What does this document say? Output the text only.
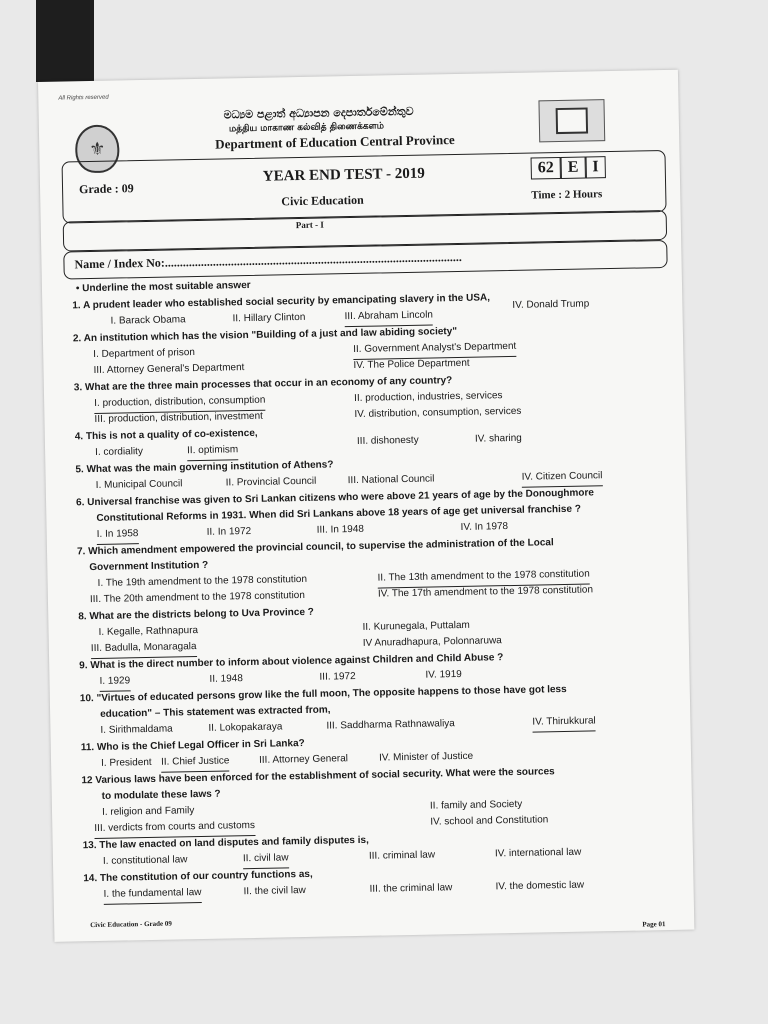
All Rights reserved
⚜
මධ්‍යම පළාත් අධ්‍යාපන දෙපාර්තමේන්තුව
மத்திய மாகாண கல்வித் திணைக்களம்
Department of Education Central Province
Grade : 09
YEAR END TEST - 2019	62 E I
Civic Education	Time : 2 Hours
Part - I
Name / Index No:...................................................................................................
• Underline the most suitable answer
1. A prudent leader who established social security by emancipating slavery in the USA,
I. Barack Obama	II. Hillary Clinton	III. Abraham Lincoln
IV. Donald Trump
2. An institution which has the vision "Building of a just and law abiding society"
I. Department of prison	II. Government Analyst's Department
III. Attorney General's Department	IV. The Police Department
3. What are the three main processes that occur in an economy of any country?
I. production, distribution, consumption	II. production, industries, services
III. production, distribution, investment	IV. distribution, consumption, services
4. This is not a quality of co-existence,
I. cordiality	II. optimism
III. dishonesty	IV. sharing
5. What was the main governing institution of Athens?
I. Municipal Council	II. Provincial Council	III. National Council	IV. Citizen Council
6. Universal franchise was given to Sri Lankan citizens who were above 21 years of age by the Donoughmore
Constitutional Reforms in 1931. When did Sri Lankans above 18 years of age get universal franchise ?
I. In 1958	II. In 1972	III. In 1948	IV. In 1978
7. Which amendment empowered the provincial council, to supervise the administration of the Local
Government Institution ?
I. The 19th amendment to the 1978 constitution	II. The 13th amendment to the 1978 constitution
III. The 20th amendment to the 1978 constitution	IV. The 17th amendment to the 1978 constitution
8. What are the districts belong to Uva Province ?
I. Kegalle, Rathnapura	II. Kurunegala, Puttalam
III. Badulla, Monaragala	IV Anuradhapura, Polonnaruwa
9. What is the direct number to inform about violence against Children and Child Abuse ?
I. 1929	II. 1948	III. 1972	IV. 1919
10. "Virtues of educated persons grow like the full moon, The opposite happens to those have got less
education" – This statement was extracted from,
I. Sirithmaldama	II. Lokopakaraya	III. Saddharma Rathnawaliya	IV. Thirukkural
11. Who is the Chief Legal Officer in Sri Lanka?
I. President II. Chief Justice	III. Attorney General	IV. Minister of Justice
12 Various laws have been enforced for the establishment of social security. What were the sources
to modulate these laws ?
I. religion and Family	II. family and Society
III. verdicts from courts and customs	IV. school and Constitution
13. The law enacted on land disputes and family disputes is,
I. constitutional law	II. civil law	III. criminal law	IV. international law
14. The constitution of our country functions as,
I. the fundamental law	II. the civil law	III. the criminal law	IV. the domestic law
Civic Education - Grade 09	Page 01
